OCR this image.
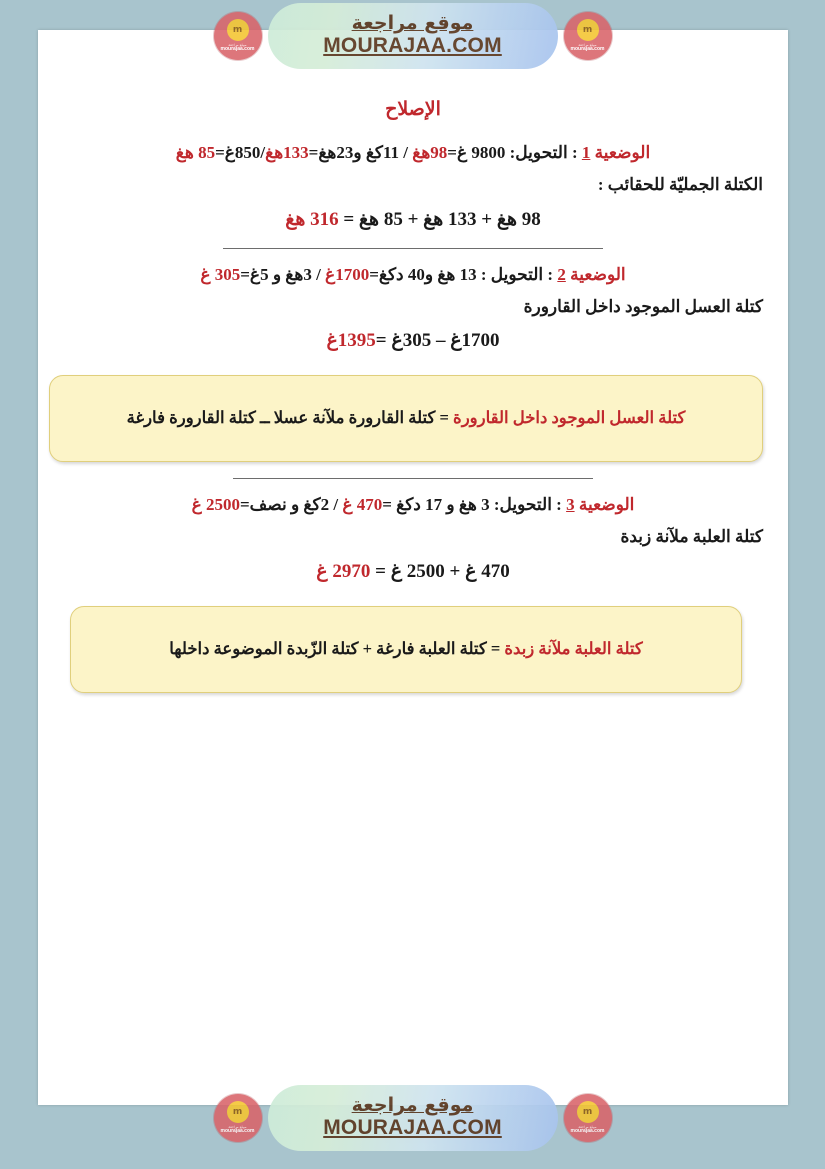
الإصلاح
الوضعية 1 : التحويل: 9800 غ=98هغ / 11كغ و23هغ=133هغ/850غ=85 هغ
الكتلة الجمليّة للحقائب :
98 هغ + 133 هغ + 85 هغ = 316 هغ
الوضعية 2 : التحويل : 13 هغ و40 دكغ=1700غ / 3هغ و 5غ=305 غ
كتلة العسل الموجود داخل القارورة
1700غ – 305غ =1395غ
كتلة العسل الموجود داخل القارورة = كتلة القارورة ملآنة عسلا ــ كتلة القارورة فارغة
الوضعية 3 : التحويل: 3 هغ و 17 دكغ =470 غ / 2كغ و نصف=2500 غ
كتلة العلبة ملآنة زبدة
470 غ + 2500 غ = 2970 غ
كتلة العلبة ملآنة زبدة = كتلة العلبة فارغة + كتلة الزّبدة الموضوعة داخلها
m
موقع مراجعة
mourajaa.com
موقع مراجعة
MOURAJAA.COM
m
موقع مراجعة
mourajaa.com
m
موقع مراجعة
mourajaa.com
موقع مراجعة
MOURAJAA.COM
m
موقع مراجعة
mourajaa.com
